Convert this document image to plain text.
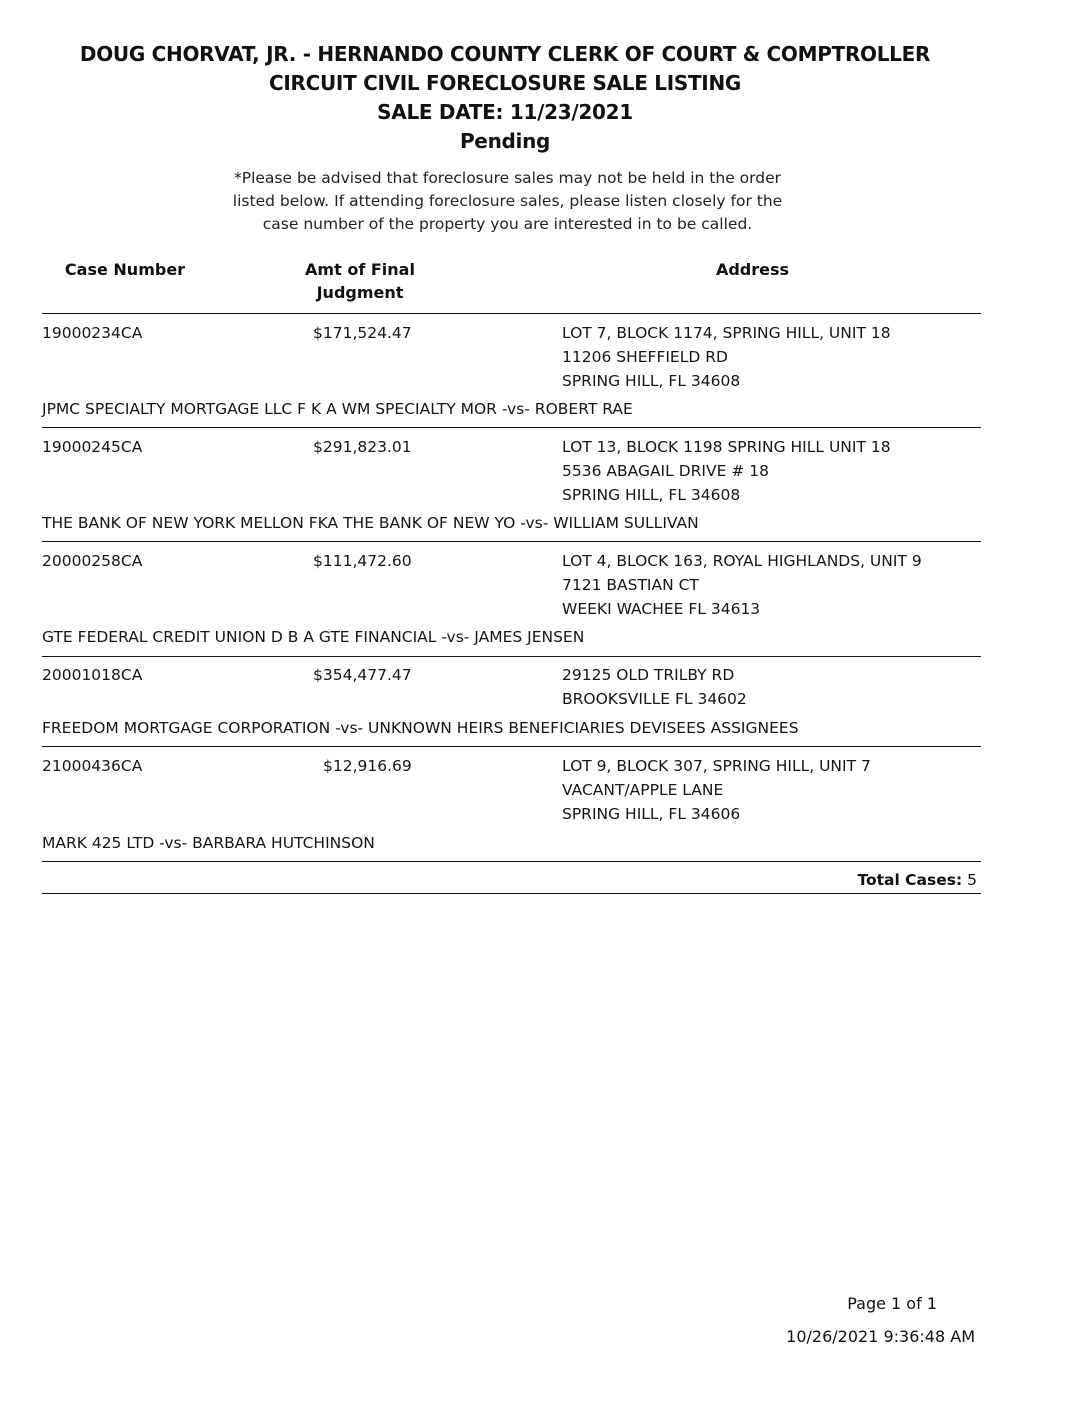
DOUG CHORVAT, JR. - HERNANDO COUNTY CLERK OF COURT & COMPTROLLER
CIRCUIT CIVIL FORECLOSURE SALE LISTING
SALE DATE: 11/23/2021
Pending
*Please be advised that foreclosure sales may not be held in the order
listed below. If attending foreclosure sales, please listen closely for the
case number of the property you are interested in to be called.
Case Number	Amt of Final
Judgment
Address
19000234CA	$171,524.47	LOT 7, BLOCK 1174, SPRING HILL, UNIT 18
11206 SHEFFIELD RD
SPRING HILL, FL 34608
JPMC SPECIALTY MORTGAGE LLC F K A WM SPECIALTY MOR -vs- ROBERT RAE
19000245CA	$291,823.01	LOT 13, BLOCK 1198 SPRING HILL UNIT 18
5536 ABAGAIL DRIVE # 18
SPRING HILL, FL 34608
THE BANK OF NEW YORK MELLON FKA THE BANK OF NEW YO -vs- WILLIAM SULLIVAN
20000258CA	$111,472.60	LOT 4, BLOCK 163, ROYAL HIGHLANDS, UNIT 9
7121 BASTIAN CT
WEEKI WACHEE FL 34613
GTE FEDERAL CREDIT UNION D B A GTE FINANCIAL -vs- JAMES JENSEN
20001018CA	$354,477.47	29125 OLD TRILBY RD
BROOKSVILLE FL 34602
FREEDOM MORTGAGE CORPORATION -vs- UNKNOWN HEIRS BENEFICIARIES DEVISEES ASSIGNEES
21000436CA	$12,916.69	LOT 9, BLOCK 307, SPRING HILL, UNIT 7
VACANT/APPLE LANE
SPRING HILL, FL 34606
MARK 425 LTD -vs- BARBARA HUTCHINSON
Total Cases: 5
Page 1 of 1
10/26/2021 9:36:48 AM
